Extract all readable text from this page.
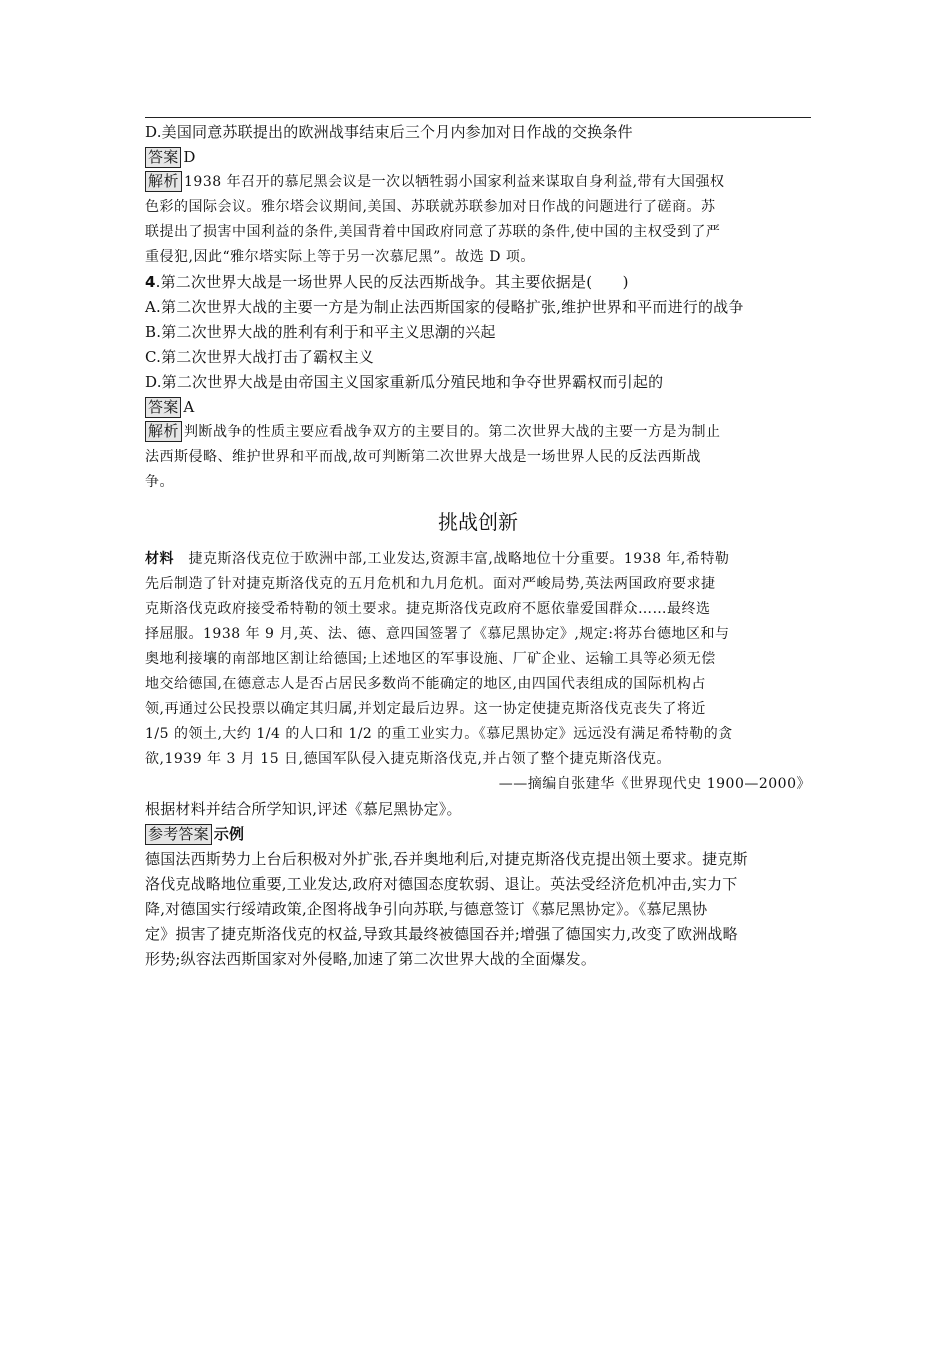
D.美国同意苏联提出的欧洲战事结束后三个月内参加对日作战的交换条件
答案 D
解析 1938 年召开的慕尼黑会议是一次以牺牲弱小国家利益来谋取自身利益,带有大国强权
色彩的国际会议。雅尔塔会议期间,美国、苏联就苏联参加对日作战的问题进行了磋商。苏
联提出了损害中国利益的条件,美国背着中国政府同意了苏联的条件,使中国的主权受到了严
重侵犯,因此“雅尔塔实际上等于另一次慕尼黑”。故选 D 项。
4.第二次世界大战是一场世界人民的反法西斯战争。其主要依据是(　　)
A.第二次世界大战的主要一方是为制止法西斯国家的侵略扩张,维护世界和平而进行的战争
B.第二次世界大战的胜利有利于和平主义思潮的兴起
C.第二次世界大战打击了霸权主义
D.第二次世界大战是由帝国主义国家重新瓜分殖民地和争夺世界霸权而引起的
答案 A
解析 判断战争的性质主要应看战争双方的主要目的。第二次世界大战的主要一方是为制止
法西斯侵略、维护世界和平而战,故可判断第二次世界大战是一场世界人民的反法西斯战
争。
挑战创新
材料　捷克斯洛伐克位于欧洲中部,工业发达,资源丰富,战略地位十分重要。1938 年,希特勒
先后制造了针对捷克斯洛伐克的五月危机和九月危机。面对严峻局势,英法两国政府要求捷
克斯洛伐克政府接受希特勒的领土要求。捷克斯洛伐克政府不愿依靠爱国群众……最终选
择屈服。1938 年 9 月,英、法、德、意四国签署了《慕尼黑协定》,规定:将苏台德地区和与
奥地利接壤的南部地区割让给德国;上述地区的军事设施、厂矿企业、运输工具等必须无偿
地交给德国,在德意志人是否占居民多数尚不能确定的地区,由四国代表组成的国际机构占
领,再通过公民投票以确定其归属,并划定最后边界。这一协定使捷克斯洛伐克丧失了将近
1/5 的领土,大约 1/4 的人口和 1/2 的重工业实力。《慕尼黑协定》远远没有满足希特勒的贪
欲,1939 年 3 月 15 日,德国军队侵入捷克斯洛伐克,并占领了整个捷克斯洛伐克。
——摘编自张建华《世界现代史 1900—2000》
根据材料并结合所学知识,评述《慕尼黑协定》。
参考答案 示例
德国法西斯势力上台后积极对外扩张,吞并奥地利后,对捷克斯洛伐克提出领土要求。捷克斯
洛伐克战略地位重要,工业发达,政府对德国态度软弱、退让。英法受经济危机冲击,实力下
降,对德国实行绥靖政策,企图将战争引向苏联,与德意签订《慕尼黑协定》。《慕尼黑协
定》损害了捷克斯洛伐克的权益,导致其最终被德国吞并;增强了德国实力,改变了欧洲战略
形势;纵容法西斯国家对外侵略,加速了第二次世界大战的全面爆发。
